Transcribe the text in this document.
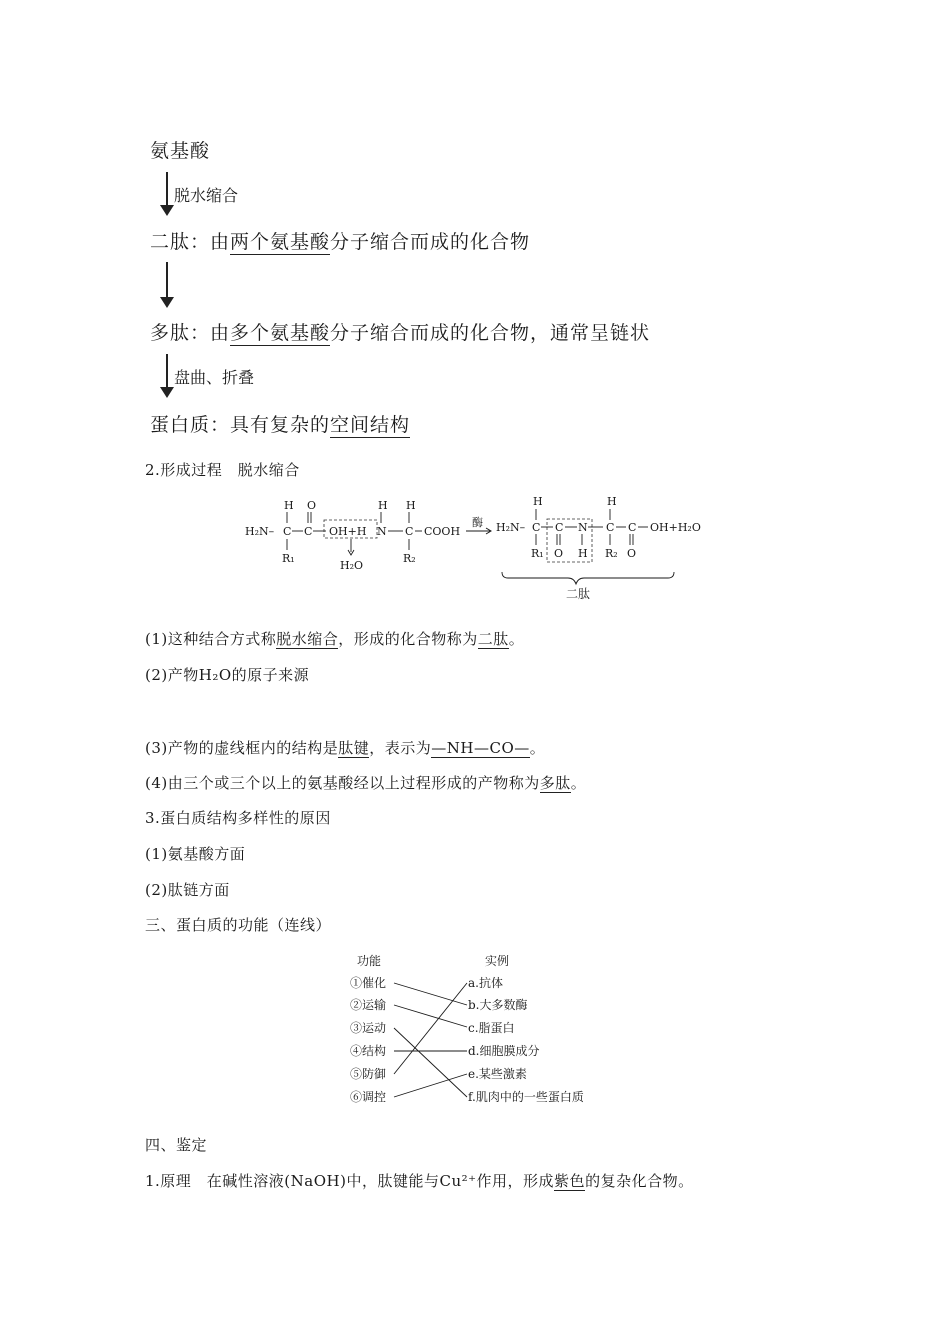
氨基酸
脱水缩合
二肽：由两个氨基酸分子缩合而成的化合物
多肽：由多个氨基酸分子缩合而成的化合物，通常呈链状
盘曲、折叠
蛋白质：具有复杂的空间结构
2.形成过程　脱水缩合
H O	H H
H₂N– C C OH+H N C COOH
R₁	R₂
H₂O
酶
H	H
H₂N– C C N C C OH+H₂O
R₁ O H R₂ O
二肽
(1)这种结合方式称脱水缩合，形成的化合物称为二肽。
(2)产物H₂O的原子来源
(3)产物的虚线框内的结构是肽键，表示为—NH—CO—。
(4)由三个或三个以上的氨基酸经以上过程形成的产物称为多肽。
3.蛋白质结构多样性的原因
(1)氨基酸方面
(2)肽链方面
三、蛋白质的功能（连线）
功能	实例
①催化
②运输
③运动
④结构
⑤防御
⑥调控
a.抗体
b.大多数酶
c.脂蛋白
d.细胞膜成分
e.某些激素
f.肌肉中的一些蛋白质
四、鉴定
1.原理　在碱性溶液(NaOH)中，肽键能与Cu²⁺作用，形成紫色的复杂化合物。
